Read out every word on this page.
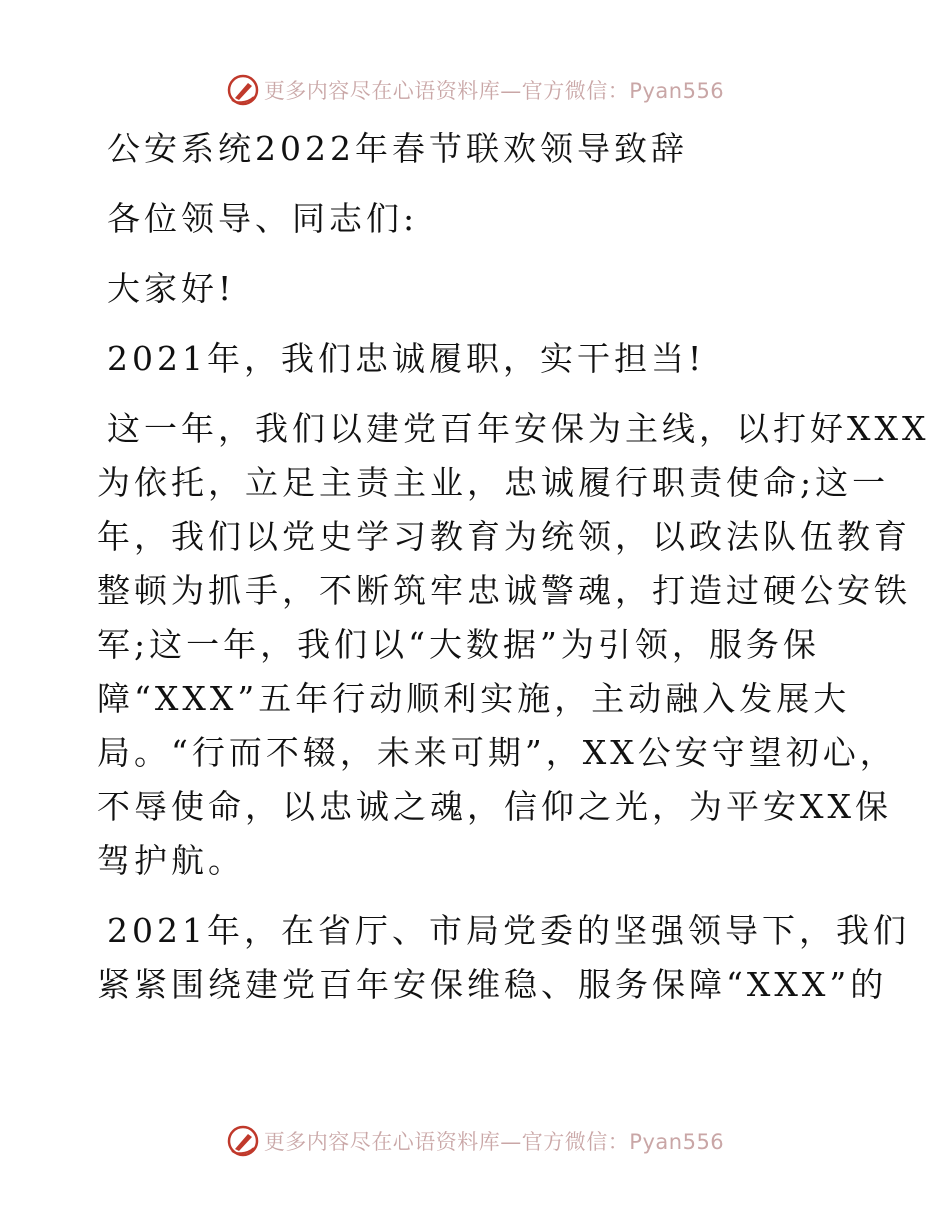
更多内容尽在心语资料库—官方微信：Pyan556
公安系统2022年春节联欢领导致辞
各位领导、同志们:
大家好!
2021年，我们忠诚履职，实干担当!
这一年，我们以建党百年安保为主线，以打好XXX
为依托，立足主责主业，忠诚履行职责使命;这一
年，我们以党史学习教育为统领，以政法队伍教育
整顿为抓手，不断筑牢忠诚警魂，打造过硬公安铁
军;这一年，我们以“大数据”为引领，服务保
障“XXX”五年行动顺利实施，主动融入发展大
局。“行而不辍，未来可期”，XX公安守望初心，
不辱使命，以忠诚之魂，信仰之光，为平安XX保
驾护航。
2021年，在省厅、市局党委的坚强领导下，我们
紧紧围绕建党百年安保维稳、服务保障“XXX”的
更多内容尽在心语资料库—官方微信：Pyan556
